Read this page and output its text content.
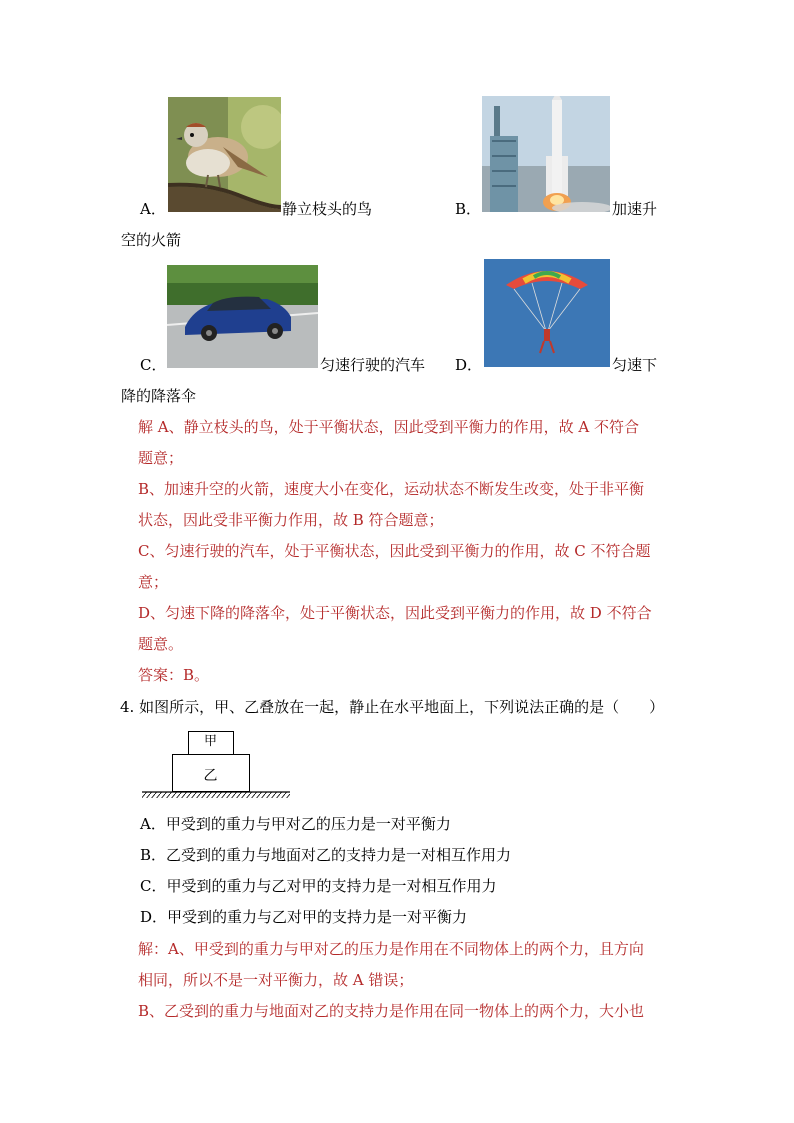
A．	静立枝头的鸟	B．	加速升
空的火箭
C．	匀速行驶的汽车 D．	匀速下
降的降落伞
解 A、静立枝头的鸟，处于平衡状态，因此受到平衡力的作用，故 A 不符合
题意；
B、加速升空的火箭，速度大小在变化，运动状态不断发生改变，处于非平衡
状态，因此受非平衡力作用，故 B 符合题意；
C、匀速行驶的汽车，处于平衡状态，因此受到平衡力的作用，故 C 不符合题
意；
D、匀速下降的降落伞，处于平衡状态，因此受到平衡力的作用，故 D 不符合
题意。
答案：B。
4. 如图所示，甲、乙叠放在一起，静止在水平地面上，下列说法正确的是（　　）
甲
乙
A．甲受到的重力与甲对乙的压力是一对平衡力
B．乙受到的重力与地面对乙的支持力是一对相互作用力
C．甲受到的重力与乙对甲的支持力是一对相互作用力
D．甲受到的重力与乙对甲的支持力是一对平衡力
解：A、甲受到的重力与甲对乙的压力是作用在不同物体上的两个力，且方向
相同，所以不是一对平衡力，故 A 错误；
B、乙受到的重力与地面对乙的支持力是作用在同一物体上的两个力，大小也
